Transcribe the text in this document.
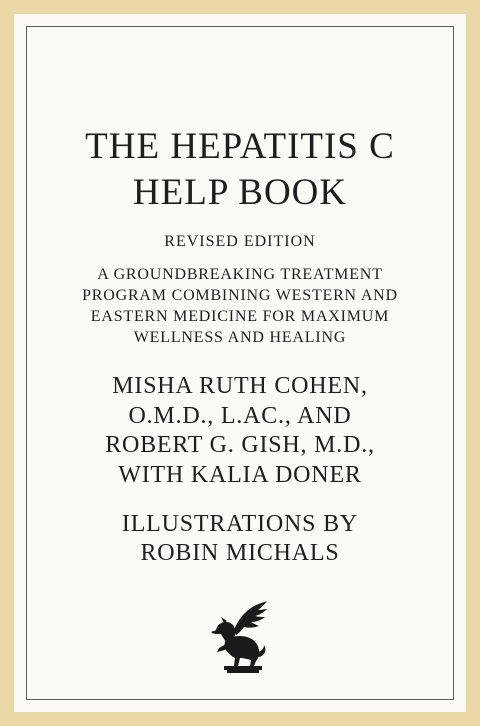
THE HEPATITIS C
HELP BOOK
REVISED EDITION
A GROUNDBREAKING TREATMENT
PROGRAM COMBINING WESTERN AND
EASTERN MEDICINE FOR MAXIMUM
WELLNESS AND HEALING
MISHA RUTH COHEN,
O.M.D., L.AC., AND
ROBERT G. GISH, M.D.,
WITH KALIA DONER
ILLUSTRATIONS BY
ROBIN MICHALS
